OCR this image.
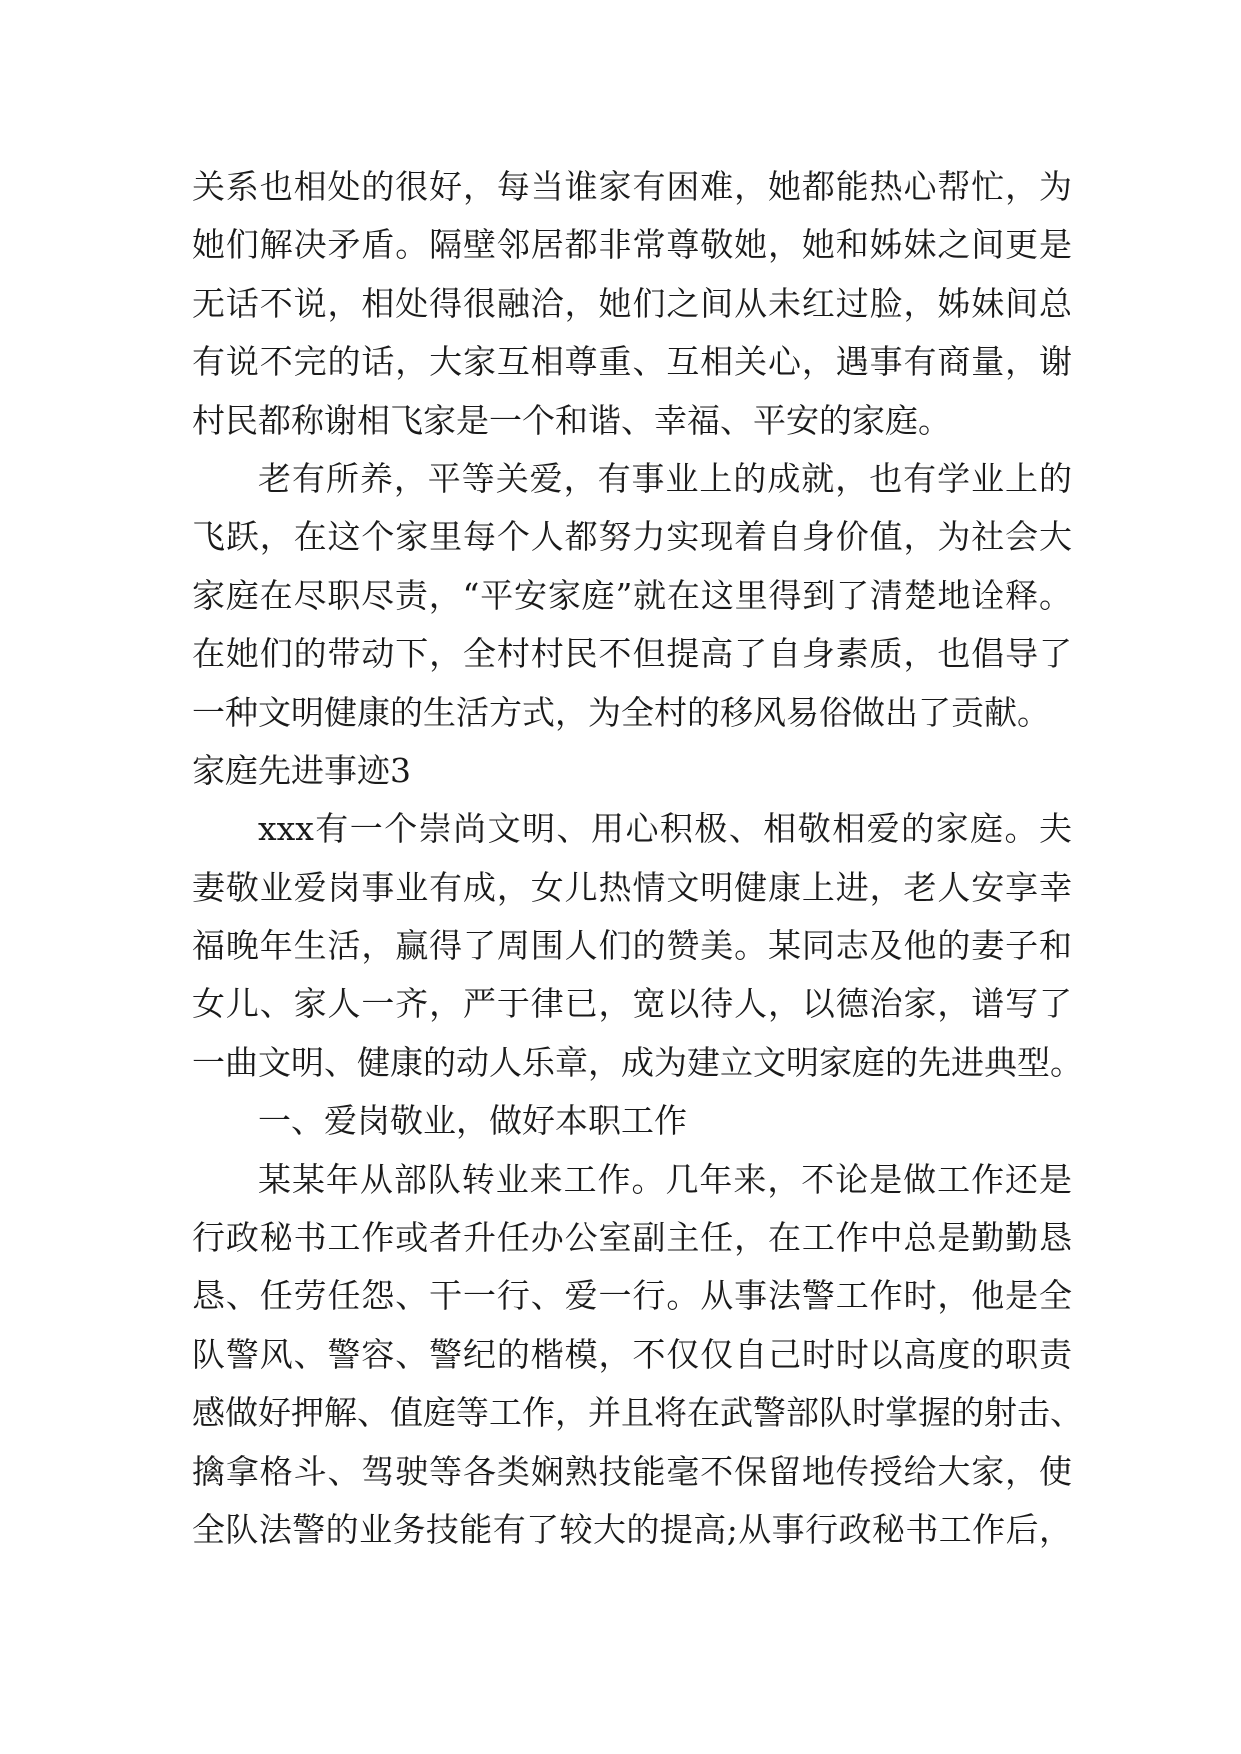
关系也相处的很好，每当谁家有困难，她都能热心帮忙，为
她们解决矛盾。隔壁邻居都非常尊敬她，她和姊妹之间更是
无话不说，相处得很融洽，她们之间从未红过脸，姊妹间总
有说不完的话，大家互相尊重、互相关心，遇事有商量，谢
村民都称谢相飞家是一个和谐、幸福、平安的家庭。
老有所养，平等关爱，有事业上的成就，也有学业上的
飞跃，在这个家里每个人都努力实现着自身价值，为社会大
家庭在尽职尽责，“平安家庭”就在这里得到了清楚地诠释。
在她们的带动下，全村村民不但提高了自身素质，也倡导了
一种文明健康的生活方式，为全村的移风易俗做出了贡献。
家庭先进事迹3
xxx有一个崇尚文明、用心积极、相敬相爱的家庭。夫
妻敬业爱岗事业有成，女儿热情文明健康上进，老人安享幸
福晚年生活，赢得了周围人们的赞美。某同志及他的妻子和
女儿、家人一齐，严于律已，宽以待人，以德治家，谱写了
一曲文明、健康的动人乐章，成为建立文明家庭的先进典型。
一、爱岗敬业，做好本职工作
某某年从部队转业来工作。几年来，不论是做工作还是
行政秘书工作或者升任办公室副主任，在工作中总是勤勤恳
恳、任劳任怨、干一行、爱一行。从事法警工作时，他是全
队警风、警容、警纪的楷模，不仅仅自己时时以高度的职责
感做好押解、值庭等工作，并且将在武警部队时掌握的射击、
擒拿格斗、驾驶等各类娴熟技能毫不保留地传授给大家，使
全队法警的业务技能有了较大的提高;从事行政秘书工作后，
